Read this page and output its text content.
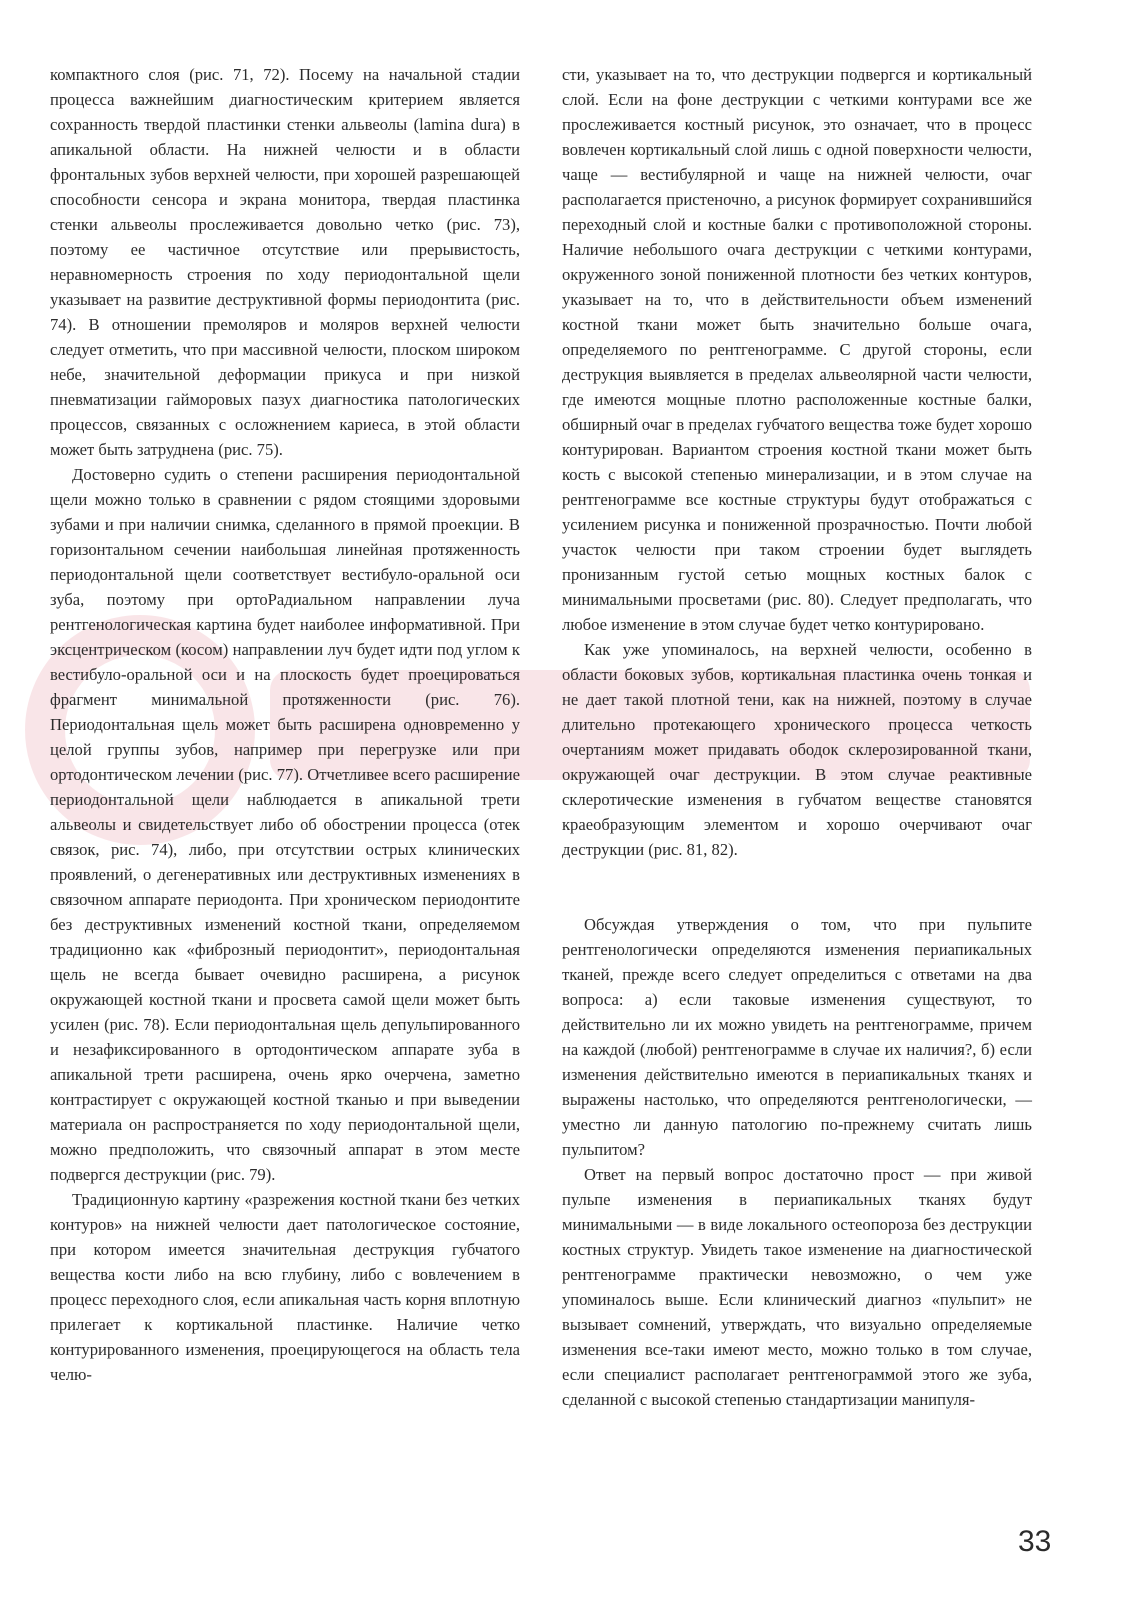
компактного слоя (рис. 71, 72). Посему на начальной стадии процесса важнейшим диагностическим критерием является сохранность твердой пластинки стенки альвеолы (lamina dura) в апикальной области. На нижней челюсти и в области фронтальных зубов верхней челюсти, при хорошей разрешающей способности сенсора и экрана монитора, твердая пластинка стенки альвеолы прослеживается довольно четко (рис. 73), поэтому ее частичное отсутствие или прерывистость, неравномерность строения по ходу периодонтальной щели указывает на развитие деструктивной формы периодонтита (рис. 74). В отношении премоляров и моляров верхней челюсти следует отметить, что при массивной челюсти, плоском широком небе, значительной деформации прикуса и при низкой пневматизации гайморовых пазух диагностика патологических процессов, связанных с осложнением кариеса, в этой области может быть затруднена (рис. 75).

Достоверно судить о степени расширения периодонтальной щели можно только в сравнении с рядом стоящими здоровыми зубами и при наличии снимка, сделанного в прямой проекции. В горизонтальном сечении наибольшая линейная протяженность периодонтальной щели соответствует вестибуло-оральной оси зуба, поэтому при ортоРадиальном направлении луча рентгенологическая картина будет наиболее информативной. При эксцентрическом (косом) направлении луч будет идти под углом к вестибуло-оральной оси и на плоскость будет проецироваться фрагмент минимальной протяженности (рис. 76). Периодонтальная щель может быть расширена одновременно у целой группы зубов, например при перегрузке или при ортодонтическом лечении (рис. 77). Отчетливее всего расширение периодонтальной щели наблюдается в апикальной трети альвеолы и свидетельствует либо об обострении процесса (отек связок, рис. 74), либо, при отсутствии острых клинических проявлений, о дегенеративных или деструктивных изменениях в связочном аппарате периодонта. При хроническом периодонтите без деструктивных изменений костной ткани, определяемом традиционно как «фиброзный периодонтит», периодонтальная щель не всегда бывает очевидно расширена, а рисунок окружающей костной ткани и просвета самой щели может быть усилен (рис. 78). Если периодонтальная щель депульпированного и незафиксированного в ортодонтическом аппарате зуба в апикальной трети расширена, очень ярко очерчена, заметно контрастирует с окружающей костной тканью и при выведении материала он распространяется по ходу периодонтальной щели, можно предположить, что связочный аппарат в этом месте подвергся деструкции (рис. 79).

Традиционную картину «разрежения костной ткани без четких контуров» на нижней челюсти дает патологическое состояние, при котором имеется значительная деструкция губчатого вещества кости либо на всю глубину, либо с вовлечением в процесс переходного слоя, если апикальная часть корня вплотную прилегает к кортикальной пластинке. Наличие четко контурированного изменения, проецирующегося на область тела челю-

сти, указывает на то, что деструкции подвергся и кортикальный слой. Если на фоне деструкции с четкими контурами все же прослеживается костный рисунок, это означает, что в процесс вовлечен кортикальный слой лишь с одной поверхности челюсти, чаще — вестибулярной и чаще на нижней челюсти, очаг располагается пристеночно, а рисунок формирует сохранившийся переходный слой и костные балки с противоположной стороны. Наличие небольшого очага деструкции с четкими контурами, окруженного зоной пониженной плотности без четких контуров, указывает на то, что в действительности объем изменений костной ткани может быть значительно больше очага, определяемого по рентгенограмме. С другой стороны, если деструкция выявляется в пределах альвеолярной части челюсти, где имеются мощные плотно расположенные костные балки, обширный очаг в пределах губчатого вещества тоже будет хорошо контурирован. Вариантом строения костной ткани может быть кость с высокой степенью минерализации, и в этом случае на рентгенограмме все костные структуры будут отображаться с усилением рисунка и пониженной прозрачностью. Почти любой участок челюсти при таком строении будет выглядеть пронизанным густой сетью мощных костных балок с минимальными просветами (рис. 80). Следует предполагать, что любое изменение в этом случае будет четко контурировано.

Как уже упоминалось, на верхней челюсти, особенно в области боковых зубов, кортикальная пластинка очень тонкая и не дает такой плотной тени, как на нижней, поэтому в случае длительно протекающего хронического процесса четкость очертаниям может придавать ободок склерозированной ткани, окружающей очаг деструкции. В этом случае реактивные склеротические изменения в губчатом веществе становятся краеобразующим элементом и хорошо очерчивают очаг деструкции (рис. 81, 82).

Обсуждая утверждения о том, что при пульпите рентгенологически определяются изменения периапикальных тканей, прежде всего следует определиться с ответами на два вопроса: а) если таковые изменения существуют, то действительно ли их можно увидеть на рентгенограмме, причем на каждой (любой) рентгенограмме в случае их наличия?, б) если изменения действительно имеются в периапикальных тканях и выражены настолько, что определяются рентгенологически, — уместно ли данную патологию по-прежнему считать лишь пульпитом?

Ответ на первый вопрос достаточно прост — при живой пульпе изменения в периапикальных тканях будут минимальными — в виде локального остеопороза без деструкции костных структур. Увидеть такое изменение на диагностической рентгенограмме практически невозможно, о чем уже упоминалось выше. Если клинический диагноз «пульпит» не вызывает сомнений, утверждать, что визуально определяемые изменения все-таки имеют место, можно только в том случае, если специалист располагает рентгенограммой этого же зуба, сделанной с высокой степенью стандартизации манипуля-

33
